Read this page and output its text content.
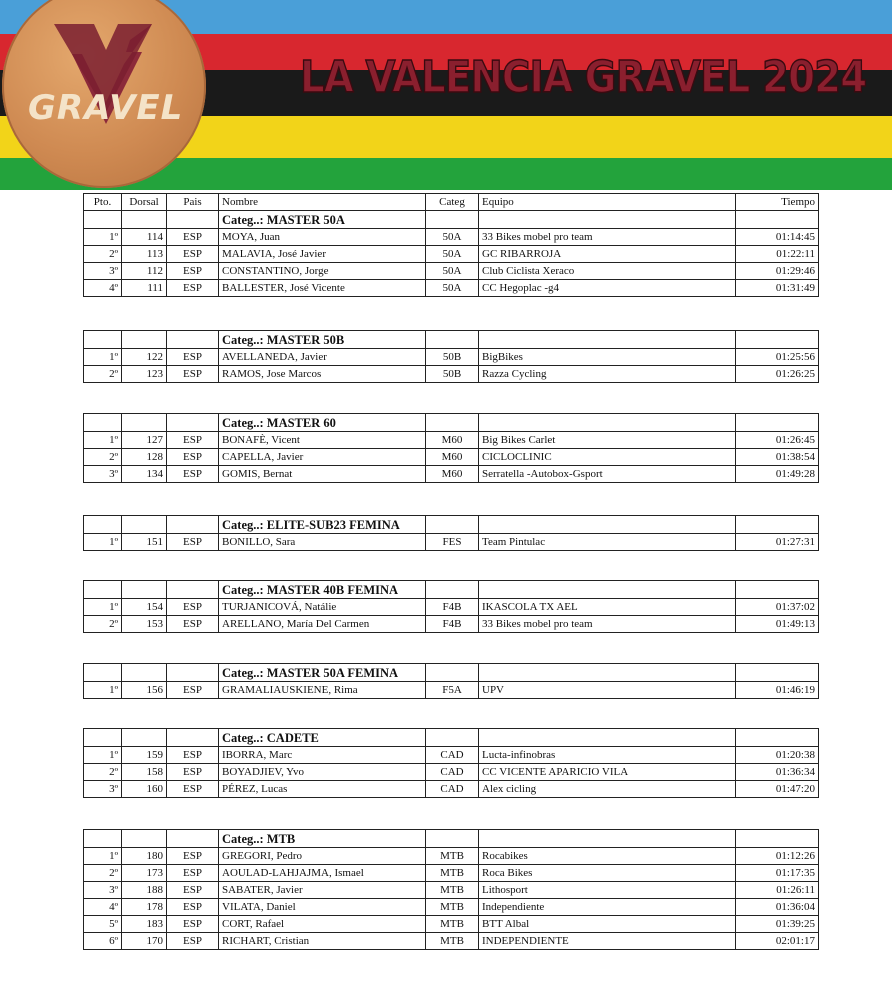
GRAVEL
LA VALENCIA GRAVEL 2024
Pto.	Dorsal	Pais	Nombre	Categ	Equipo	Tiempo
			Categ..: MASTER 50A			
1º	114	ESP	MOYA, Juan	50A	33 Bikes mobel pro team	01:14:45
2º	113	ESP	MALAVIA, José Javier	50A	GC RIBARROJA	01:22:11
3º	112	ESP	CONSTANTINO, Jorge	50A	Club Ciclista Xeraco	01:29:46
4º	111	ESP	BALLESTER, José Vicente	50A	CC Hegoplac -g4	01:31:49
			Categ..: MASTER 50B			
1º	122	ESP	AVELLANEDA, Javier	50B	BigBikes	01:25:56
2º	123	ESP	RAMOS, Jose Marcos	50B	Razza Cycling	01:26:25
			Categ..: MASTER 60			
1º	127	ESP	BONAFÈ, Vicent	M60	Big Bikes Carlet	01:26:45
2º	128	ESP	CAPELLA, Javier	M60	CICLOCLINIC	01:38:54
3º	134	ESP	GOMIS, Bernat	M60	Serratella -Autobox-Gsport	01:49:28
			Categ..: ELITE-SUB23 FEMINA			
1º	151	ESP	BONILLO, Sara	FES	Team Pintulac	01:27:31
			Categ..: MASTER 40B FEMINA			
1º	154	ESP	TURJANICOVÁ, Natálie	F4B	IKASCOLA TX AEL	01:37:02
2º	153	ESP	ARELLANO, María Del Carmen	F4B	33 Bikes mobel pro team	01:49:13
			Categ..: MASTER 50A FEMINA			
1º	156	ESP	GRAMALIAUSKIENE, Rima	F5A	UPV	01:46:19
			Categ..: CADETE			
1º	159	ESP	IBORRA, Marc	CAD	Lucta-infinobras	01:20:38
2º	158	ESP	BOYADJIEV, Yvo	CAD	CC VICENTE APARICIO VILA	01:36:34
3º	160	ESP	PÉREZ, Lucas	CAD	Alex cicling	01:47:20
			Categ..: MTB			
1º	180	ESP	GREGORI, Pedro	MTB	Rocabikes	01:12:26
2º	173	ESP	AOULAD-LAHJAJMA, Ismael	MTB	Roca Bikes	01:17:35
3º	188	ESP	SABATER, Javier	MTB	Lithosport	01:26:11
4º	178	ESP	VILATA, Daniel	MTB	Independiente	01:36:04
5º	183	ESP	CORT, Rafael	MTB	BTT Albal	01:39:25
6º	170	ESP	RICHART, Cristian	MTB	INDEPENDIENTE	02:01:17
